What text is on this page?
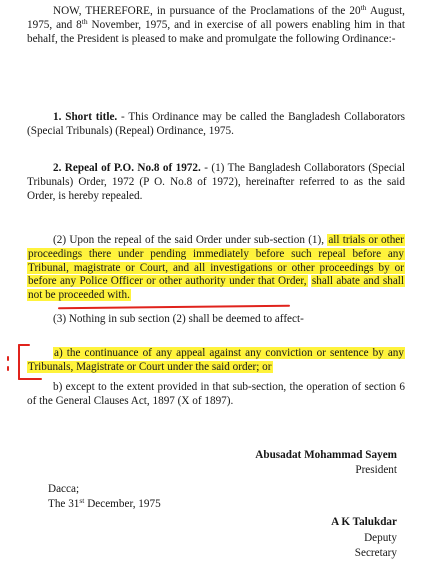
NOW, THEREFORE, in pursuance of the Proclamations of the 20th August, 1975, and 8th November, 1975, and in exercise of all powers enabling him in that behalf, the President is pleased to make and promulgate the following Ordinance:-

1. Short title. - This Ordinance may be called the Bangladesh Collaborators (Special Tribunals) (Repeal) Ordinance, 1975.

2. Repeal of P.O. No.8 of 1972. - (1) The Bangladesh Collaborators (Special Tribunals) Order, 1972 (P O. No.8 of 1972), hereinafter referred to as the said Order, is hereby repealed.

(2) Upon the repeal of the said Order under sub-section (1), all trials or other proceedings there under pending immediately before such repeal before any Tribunal, magistrate or Court, and all investigations or other proceedings by or before any Police Officer or other authority under that Order, shall abate and shall not be proceeded with.

(3) Nothing in sub section (2) shall be deemed to affect-

a) the continuance of any appeal against any conviction or sentence by any Tribunals, Magistrate or Court under the said order; or

b) except to the extent provided in that sub-section, the operation of section 6 of the General Clauses Act, 1897 (X of 1897).

Abusadat Mohammad Sayem

President

Dacca;

The 31st December, 1975

A K Talukdar

Deputy

Secretary
